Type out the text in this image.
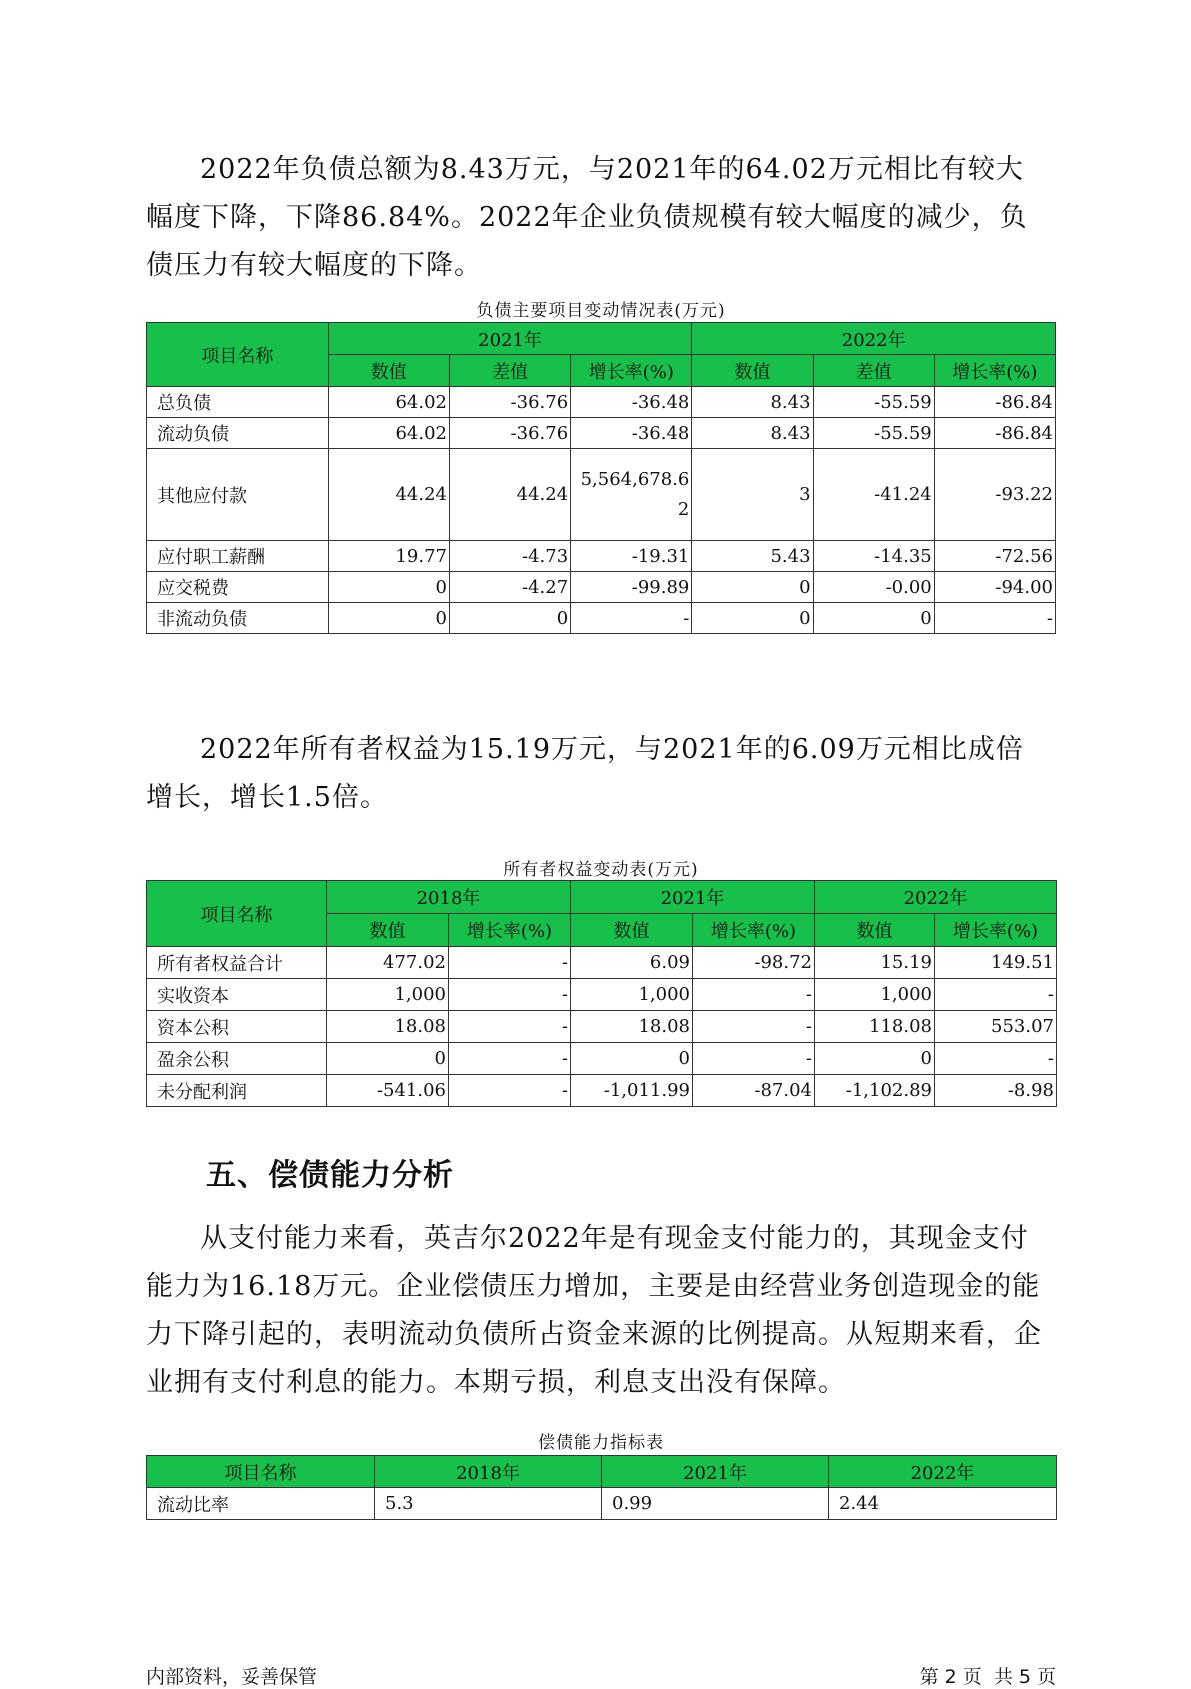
2022年负债总额为8.43万元，与2021年的64.02万元相比有较大幅度下降，下降86.84%。2022年企业负债规模有较大幅度的减少，负债压力有较大幅度的下降。

负债主要项目变动情况表(万元)
项目名称	2021年			2022年		
	数值	差值	增长率(%)	数值	差值	增长率(%)
总负债	64.02	-36.76	-36.48	8.43	-55.59	-86.84
流动负债	64.02	-36.76	-36.48	8.43	-55.59	-86.84
其他应付款	44.24	44.24	5,564,678.62	3	-41.24	-93.22
应付职工薪酬	19.77	-4.73	-19.31	5.43	-14.35	-72.56
应交税费	0	-4.27	-99.89	0	-0.00	-94.00
非流动负债	0	0	-	0	0	-

2022年所有者权益为15.19万元，与2021年的6.09万元相比成倍增长，增长1.5倍。

所有者权益变动表(万元)
项目名称	2018年		2021年		2022年	
	数值	增长率(%)	数值	增长率(%)	数值	增长率(%)
所有者权益合计	477.02	-	6.09	-98.72	15.19	149.51
实收资本	1,000	-	1,000	-	1,000	-
资本公积	18.08	-	18.08	-	118.08	553.07
盈余公积	0	-	0	-	0	-
未分配利润	-541.06	-	-1,011.99	-87.04	-1,102.89	-8.98
五、偿债能力分析

从支付能力来看，英吉尔2022年是有现金支付能力的，其现金支付能力为16.18万元。企业偿债压力增加，主要是由经营业务创造现金的能力下降引起的，表明流动负债所占资金来源的比例提高。从短期来看，企业拥有支付利息的能力。本期亏损，利息支出没有保障。

偿债能力指标表
项目名称	2018年	2021年	2022年
流动比率	5.3	0.99	2.44
内部资料，妥善保管	第 2 页  共 5 页
